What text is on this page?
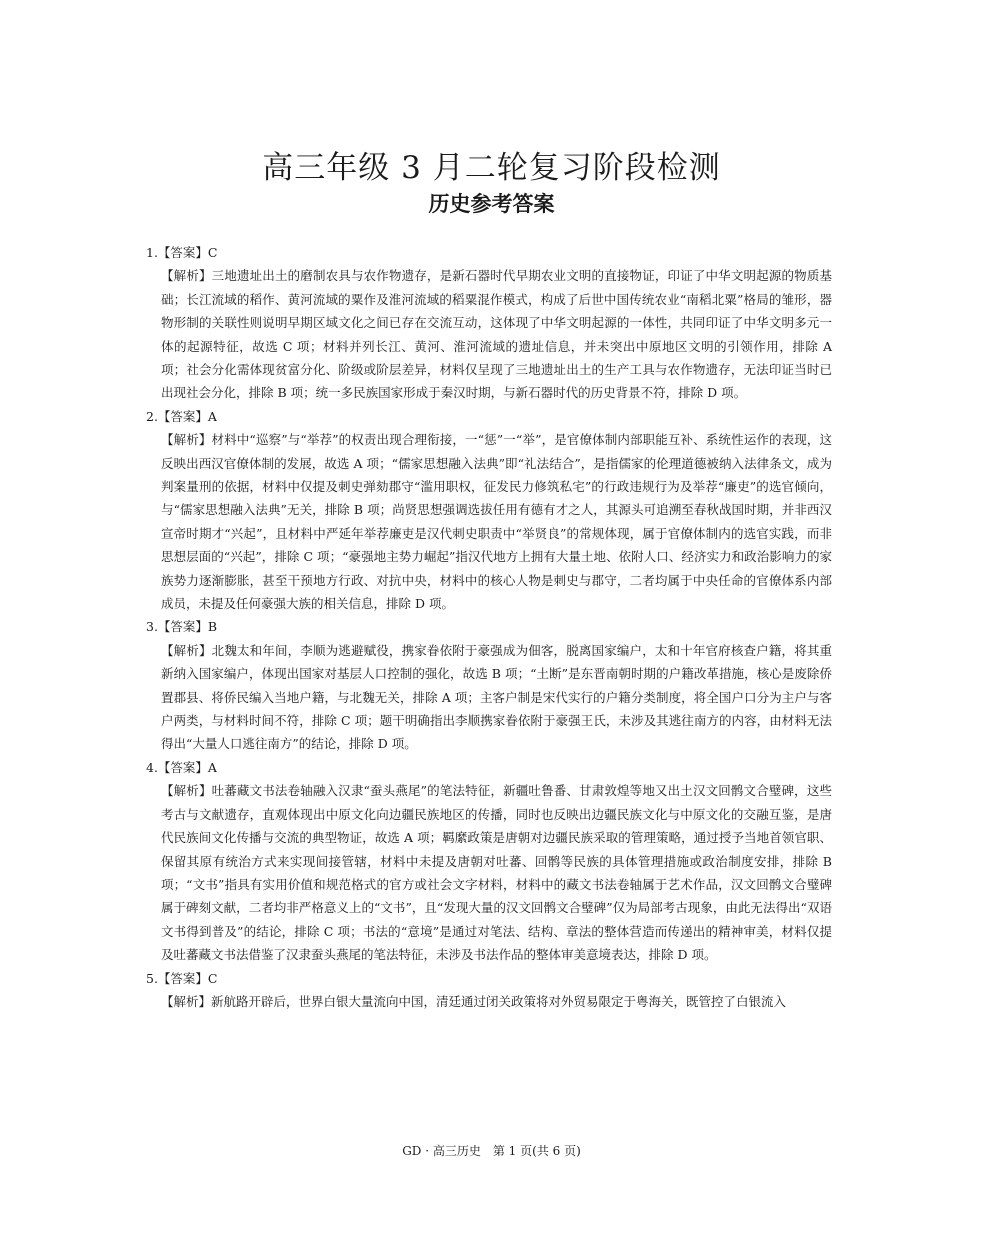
高三年级 3 月二轮复习阶段检测
历史参考答案
1.【答案】C
【解析】三地遗址出土的磨制农具与农作物遗存，是新石器时代早期农业文明的直接物证，印证了中华文明起源的物质基础；长江流域的稻作、黄河流域的粟作及淮河流域的稻粟混作模式，构成了后世中国传统农业“南稻北粟”格局的雏形，器物形制的关联性则说明早期区域文化之间已存在交流互动，这体现了中华文明起源的一体性，共同印证了中华文明多元一体的起源特征，故选 C 项；材料并列长江、黄河、淮河流域的遗址信息，并未突出中原地区文明的引领作用，排除 A 项；社会分化需体现贫富分化、阶级或阶层差异，材料仅呈现了三地遗址出土的生产工具与农作物遗存，无法印证当时已出现社会分化，排除 B 项；统一多民族国家形成于秦汉时期，与新石器时代的历史背景不符，排除 D 项。
2.【答案】A
【解析】材料中“巡察”与“举荐”的权责出现合理衔接，一“惩”一“举”，是官僚体制内部职能互补、系统性运作的表现，这反映出西汉官僚体制的发展，故选 A 项；“儒家思想融入法典”即“礼法结合”，是指儒家的伦理道德被纳入法律条文，成为判案量刑的依据，材料中仅提及刺史弹劾郡守“滥用职权，征发民力修筑私宅”的行政违规行为及举荐“廉吏”的选官倾向，与“儒家思想融入法典”无关，排除 B 项；尚贤思想强调选拔任用有德有才之人，其源头可追溯至春秋战国时期，并非西汉宣帝时期才“兴起”，且材料中严延年举荐廉吏是汉代刺史职责中“举贤良”的常规体现，属于官僚体制内的选官实践，而非思想层面的“兴起”，排除 C 项；“豪强地主势力崛起”指汉代地方上拥有大量土地、依附人口、经济实力和政治影响力的家族势力逐渐膨胀，甚至干预地方行政、对抗中央，材料中的核心人物是刺史与郡守，二者均属于中央任命的官僚体系内部成员，未提及任何豪强大族的相关信息，排除 D 项。
3.【答案】B
【解析】北魏太和年间，李顺为逃避赋役，携家眷依附于豪强成为佃客，脱离国家编户，太和十年官府核查户籍，将其重新纳入国家编户，体现出国家对基层人口控制的强化，故选 B 项；“土断”是东晋南朝时期的户籍改革措施，核心是废除侨置郡县、将侨民编入当地户籍，与北魏无关，排除 A 项；主客户制是宋代实行的户籍分类制度，将全国户口分为主户与客户两类，与材料时间不符，排除 C 项；题干明确指出李顺携家眷依附于豪强王氏，未涉及其逃往南方的内容，由材料无法得出“大量人口逃往南方”的结论，排除 D 项。
4.【答案】A
【解析】吐蕃藏文书法卷轴融入汉隶“蚕头燕尾”的笔法特征，新疆吐鲁番、甘肃敦煌等地又出土汉文回鹘文合璧碑，这些考古与文献遗存，直观体现出中原文化向边疆民族地区的传播，同时也反映出边疆民族文化与中原文化的交融互鉴，是唐代民族间文化传播与交流的典型物证，故选 A 项；羁縻政策是唐朝对边疆民族采取的管理策略，通过授予当地首领官职、保留其原有统治方式来实现间接管辖，材料中未提及唐朝对吐蕃、回鹘等民族的具体管理措施或政治制度安排，排除 B 项；“文书”指具有实用价值和规范格式的官方或社会文字材料，材料中的藏文书法卷轴属于艺术作品，汉文回鹘文合璧碑属于碑刻文献，二者均非严格意义上的“文书”，且“发现大量的汉文回鹘文合璧碑”仅为局部考古现象，由此无法得出“双语文书得到普及”的结论，排除 C 项；书法的“意境”是通过对笔法、结构、章法的整体营造而传递出的精神审美，材料仅提及吐蕃藏文书法借鉴了汉隶蚕头燕尾的笔法特征，未涉及书法作品的整体审美意境表达，排除 D 项。
5.【答案】C
【解析】新航路开辟后，世界白银大量流向中国，清廷通过闭关政策将对外贸易限定于粤海关，既管控了白银流入
GD · 高三历史　第 1 页(共 6 页)
